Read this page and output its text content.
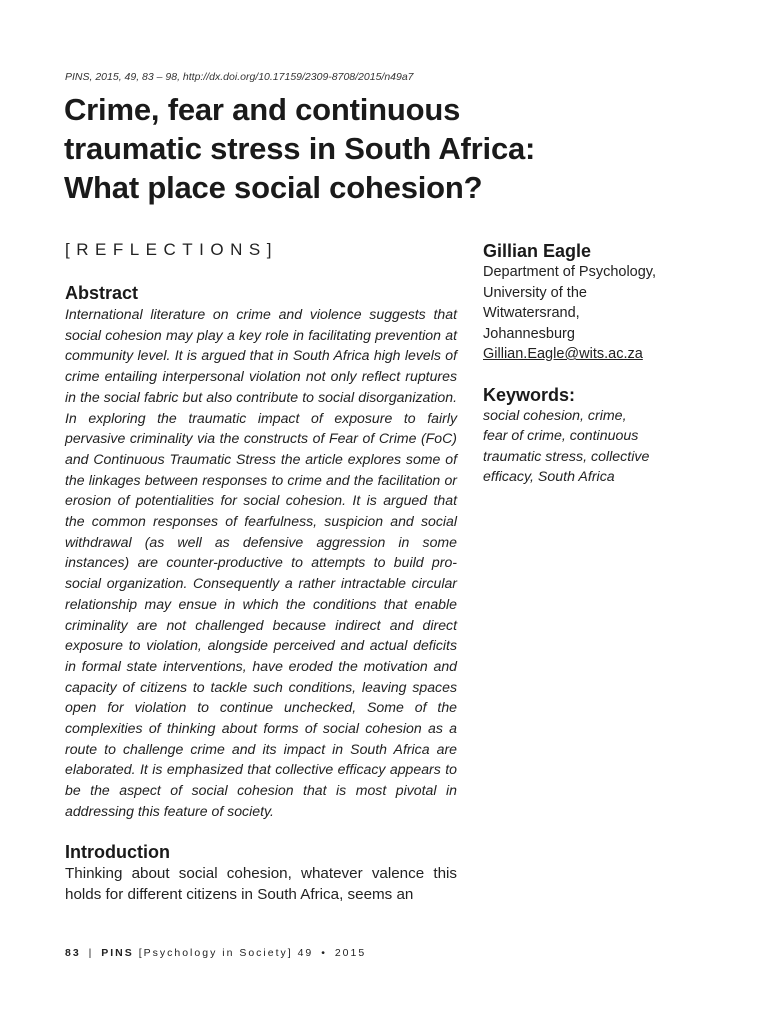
PINS, 2015, 49, 83 – 98, http://dx.doi.org/10.17159/2309-8708/2015/n49a7
Crime, fear and continuous
traumatic stress in South Africa:
What place social cohesion?
[REFLECTIONS]
Abstract

International literature on crime and violence suggests that social cohesion may play a key role in facilitating prevention at community level. It is argued that in South Africa high levels of crime entailing interpersonal violation not only reflect ruptures in the social fabric but also contribute to social disorganization. In exploring the traumatic impact of exposure to fairly pervasive criminality via the constructs of Fear of Crime (FoC) and Continuous Traumatic Stress the article explores some of the linkages between responses to crime and the facilitation or erosion of potentialities for social cohesion. It is argued that the common responses of fearfulness, suspicion and social withdrawal (as well as defensive aggression in some instances) are counter-productive to attempts to build pro-social organization. Consequently a rather intractable circular relationship may ensue in which the conditions that enable criminality are not challenged because indirect and direct exposure to violation, alongside perceived and actual deficits in formal state interventions, have eroded the motivation and capacity of citizens to tackle such conditions, leaving spaces open for violation to continue unchecked, Some of the complexities of thinking about forms of social cohesion as a route to challenge crime and its impact in South Africa are elaborated. It is emphasized that collective efficacy appears to be the aspect of social cohesion that is most pivotal in addressing this feature of society.

Introduction

Thinking about social cohesion, whatever valence this holds for different citizens in South Africa, seems an

Gillian Eagle
Department of Psychology,
University of the
Witwatersrand,
Johannesburg
Gillian.Eagle@wits.ac.za
Keywords:
social cohesion, crime,
fear of crime, continuous
traumatic stress, collective
efficacy, South Africa
83 | PINS [Psychology in Society] 49 • 2015
